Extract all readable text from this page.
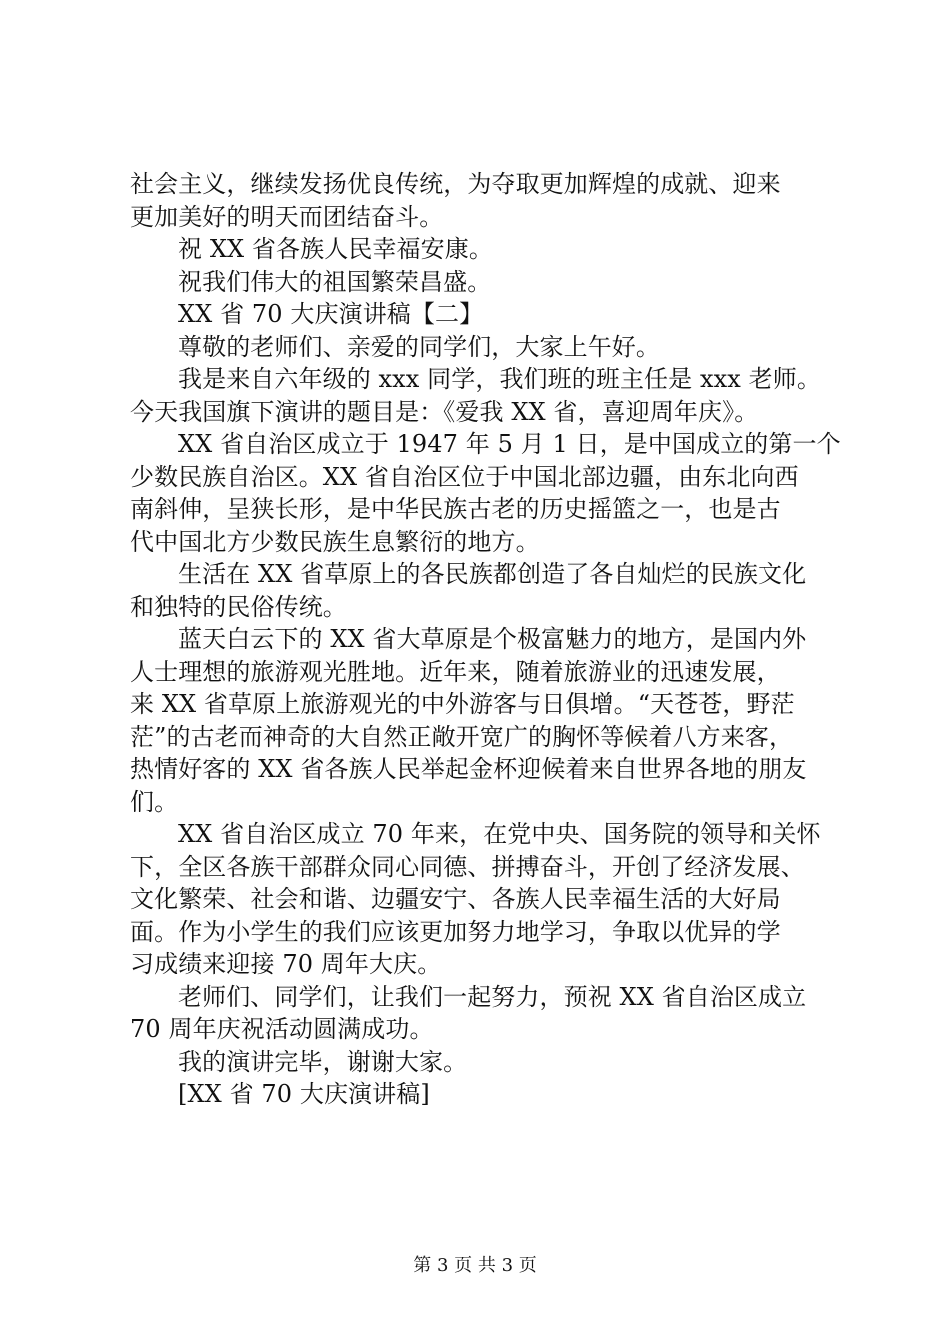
社会主义，继续发扬优良传统，为夺取更加辉煌的成就、迎来
更加美好的明天而团结奋斗。
祝 XX 省各族人民幸福安康。
祝我们伟大的祖国繁荣昌盛。
XX 省 70 大庆演讲稿【二】
尊敬的老师们、亲爱的同学们，大家上午好。
我是来自六年级的 xxx 同学，我们班的班主任是 xxx 老师。
今天我国旗下演讲的题目是：《爱我 XX 省，喜迎周年庆》。
XX 省自治区成立于 1947 年 5 月 1 日，是中国成立的第一个
少数民族自治区。XX 省自治区位于中国北部边疆，由东北向西
南斜伸，呈狭长形，是中华民族古老的历史摇篮之一，也是古
代中国北方少数民族生息繁衍的地方。
生活在 XX 省草原上的各民族都创造了各自灿烂的民族文化
和独特的民俗传统。
蓝天白云下的 XX 省大草原是个极富魅力的地方，是国内外
人士理想的旅游观光胜地。近年来，随着旅游业的迅速发展，
来 XX 省草原上旅游观光的中外游客与日俱增。“天苍苍，野茫
茫”的古老而神奇的大自然正敞开宽广的胸怀等候着八方来客，
热情好客的 XX 省各族人民举起金杯迎候着来自世界各地的朋友
们。
XX 省自治区成立 70 年来，在党中央、国务院的领导和关怀
下，全区各族干部群众同心同德、拼搏奋斗，开创了经济发展、
文化繁荣、社会和谐、边疆安宁、各族人民幸福生活的大好局
面。作为小学生的我们应该更加努力地学习，争取以优异的学
习成绩来迎接 70 周年大庆。
老师们、同学们，让我们一起努力，预祝 XX 省自治区成立
70 周年庆祝活动圆满成功。
我的演讲完毕，谢谢大家。
[XX 省 70 大庆演讲稿]
第 3 页 共 3 页
